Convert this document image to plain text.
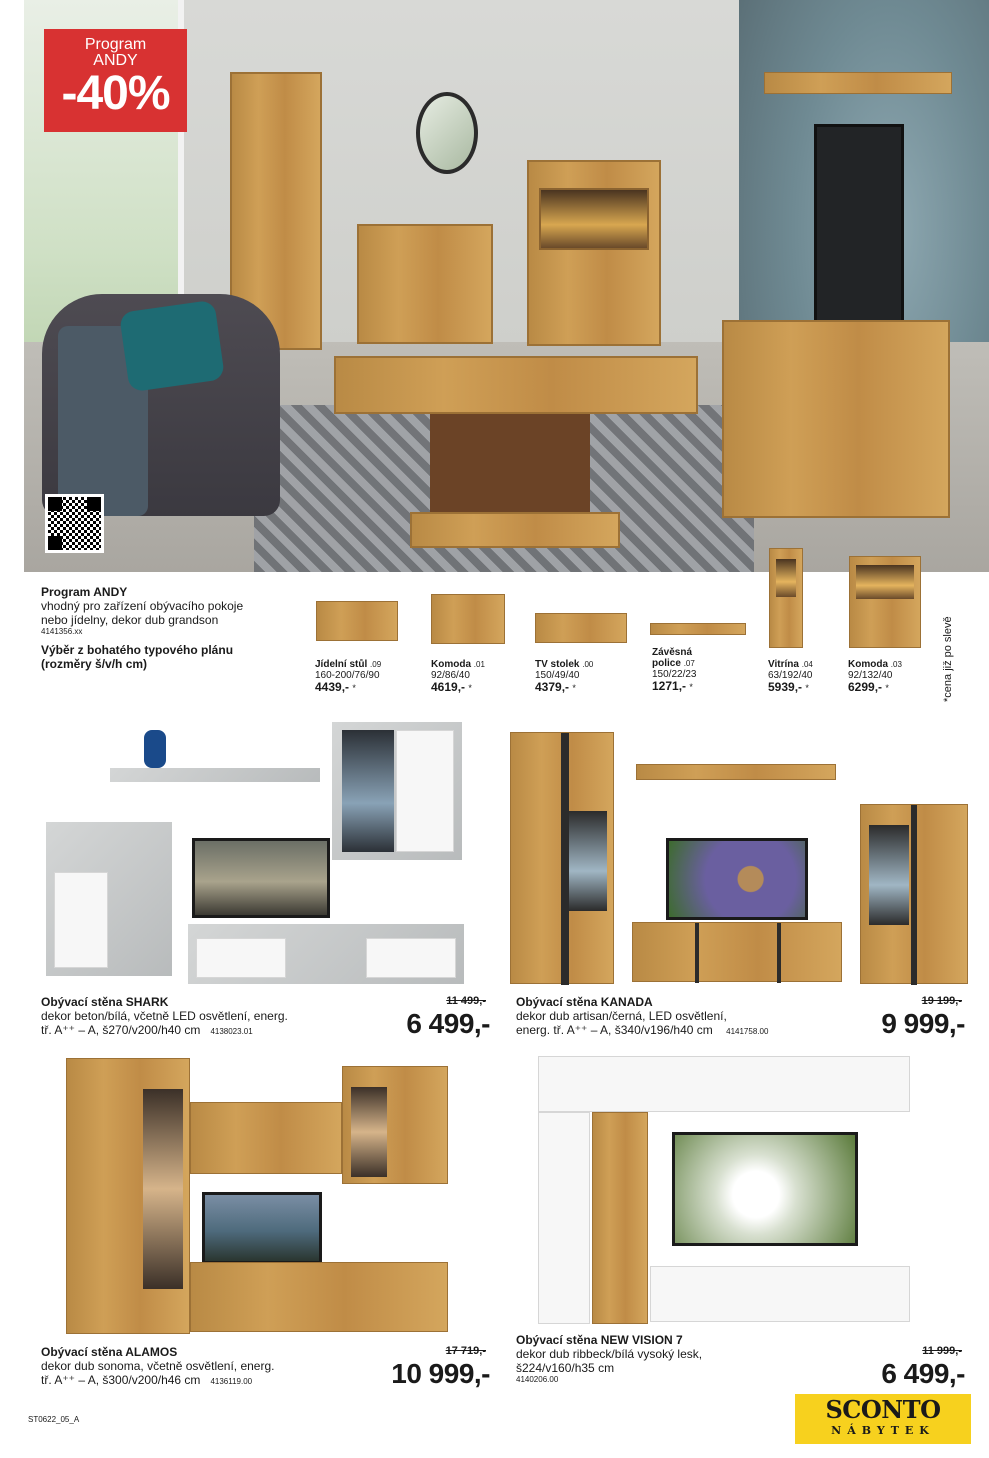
Program
ANDY
-40%
Program ANDY
vhodný pro zařízení obývacího pokoje
nebo jídelny, dekor dub grandson
4141356.xx
Výběr z bohatého typového plánu
(rozměry š/v/h cm)	Jídelní stůl .09
160-200/76/90
4439,- *
Komoda .01
92/86/40
4619,- *
TV stolek .00
150/49/40
4379,- *
Závěsná
police .07
150/22/23
1271,- *
Vitrína .04
63/192/40
5939,- *
Komoda .03
92/132/40
6299,- *	*cena již po slevě
Obývací stěna SHARK
dekor beton/bílá, včetně LED osvětlení, energ.
tř. A⁺⁺ – A, š270/v200/h40 cm 4138023.01
11 499,-
6 499,-
Obývací stěna KANADA
dekor dub artisan/černá, LED osvětlení,
energ. tř. A⁺⁺ – A, š340/v196/h40 cm 4141758.00
19 199,-
9 999,-
Obývací stěna ALAMOS
dekor dub sonoma, včetně osvětlení, energ.
tř. A⁺⁺ – A, š300/v200/h46 cm 4136119.00
17 719,-
10 999,-
Obývací stěna NEW VISION 7
dekor dub ribbeck/bílá vysoký lesk,
š224/v160/h35 cm
4140206.00
11 999,-
6 499,-
ST0622_05_A	SCONTO
NÁBYTEK
